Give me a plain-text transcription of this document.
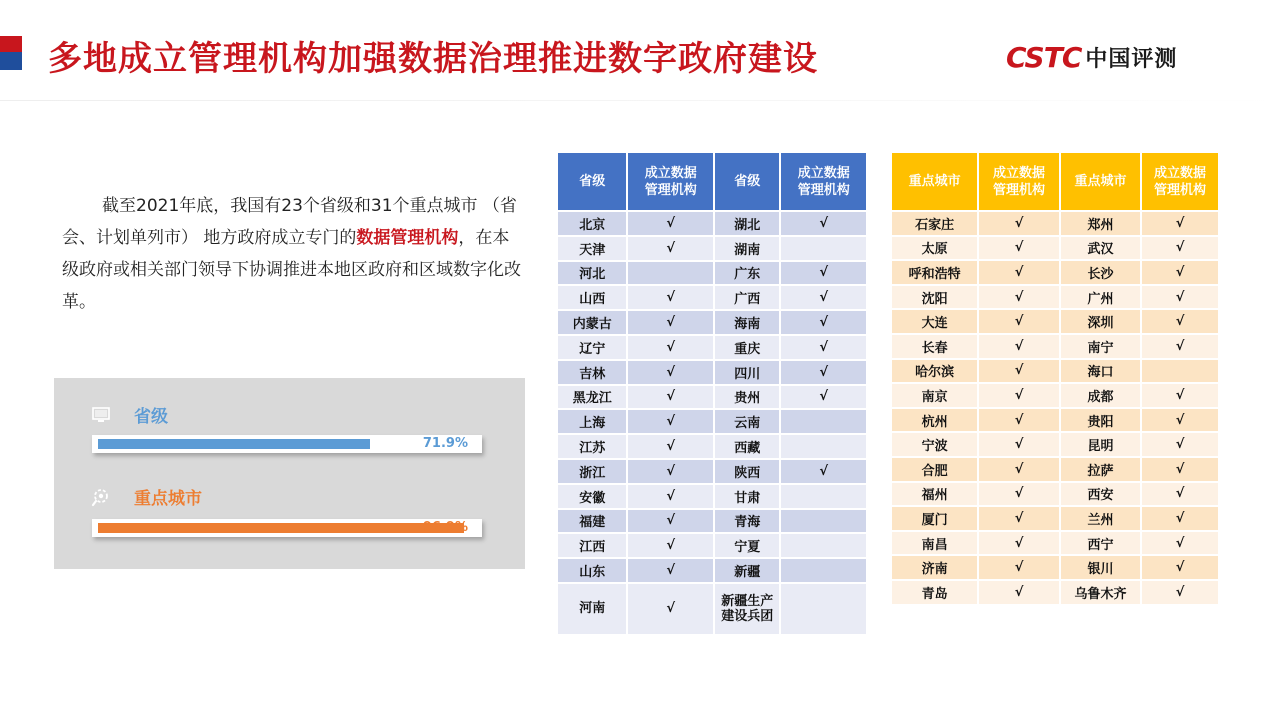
多地成立管理机构加强数据治理推进数字政府建设	CSTC 中国评测

截至2021年底，我国有23个省级和31个重点城市 （省会、计划单列市） 地方政府成立专门的数据管理机构，在本级政府或相关部门领导下协调推进本地区政府和区域数字化改革。

省级
71.9%
重点城市
96.9%
省级	成立数据管理机构	省级	成立数据管理机构
北京	√	湖北	√
天津	√	湖南	
河北		广东	√
山西	√	广西	√
内蒙古	√	海南	√
辽宁	√	重庆	√
吉林	√	四川	√
黑龙江	√	贵州	√
上海	√	云南	
江苏	√	西藏	
浙江	√	陕西	√
安徽	√	甘肃	
福建	√	青海	
江西	√	宁夏	
山东	√	新疆	
河南	√	新疆生产建设兵团	
重点城市	成立数据管理机构	重点城市	成立数据管理机构
石家庄	√	郑州	√
太原	√	武汉	√
呼和浩特	√	长沙	√
沈阳	√	广州	√
大连	√	深圳	√
长春	√	南宁	√
哈尔滨	√	海口	
南京	√	成都	√
杭州	√	贵阳	√
宁波	√	昆明	√
合肥	√	拉萨	√
福州	√	西安	√
厦门	√	兰州	√
南昌	√	西宁	√
济南	√	银川	√
青岛	√	乌鲁木齐	√
